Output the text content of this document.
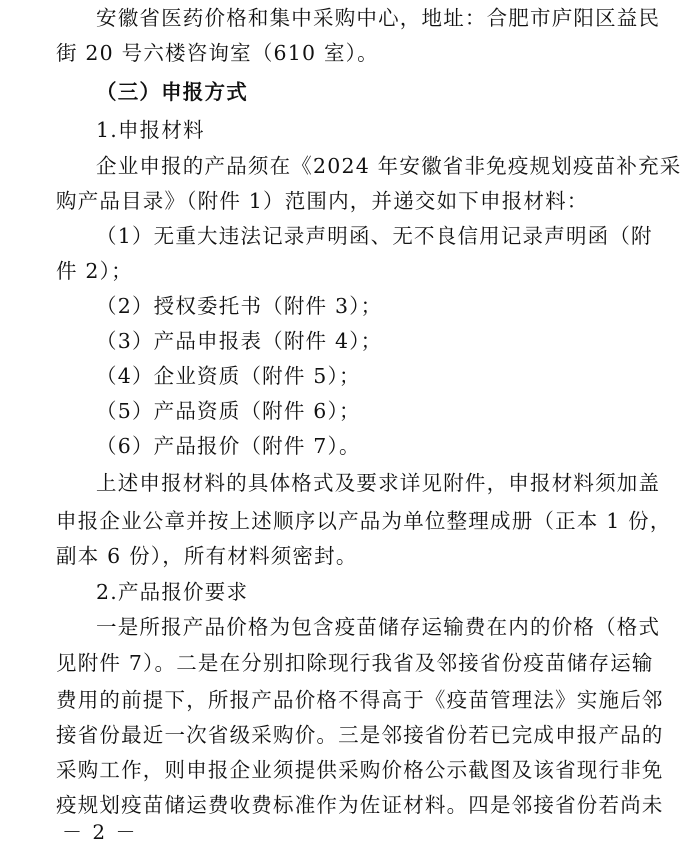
安徽省医药价格和集中采购中心，地址：合肥市庐阳区益民
街 20 号六楼咨询室（610 室）。
（三）申报方式
1.申报材料
企业申报的产品须在《2024 年安徽省非免疫规划疫苗补充采
购产品目录》（附件 1）范围内，并递交如下申报材料：
（1）无重大违法记录声明函、无不良信用记录声明函（附
件 2）；
（2）授权委托书（附件 3）；
（3）产品申报表（附件 4）；
（4）企业资质（附件 5）；
（5）产品资质（附件 6）；
（6）产品报价（附件 7）。
上述申报材料的具体格式及要求详见附件，申报材料须加盖
申报企业公章并按上述顺序以产品为单位整理成册（正本 1 份，
副本 6 份），所有材料须密封。
2.产品报价要求
一是所报产品价格为包含疫苗储存运输费在内的价格（格式
见附件 7）。二是在分别扣除现行我省及邻接省份疫苗储存运输
费用的前提下，所报产品价格不得高于《疫苗管理法》实施后邻
接省份最近一次省级采购价。三是邻接省份若已完成申报产品的
采购工作，则申报企业须提供采购价格公示截图及该省现行非免
疫规划疫苗储运费收费标准作为佐证材料。四是邻接省份若尚未
－ 2 －
